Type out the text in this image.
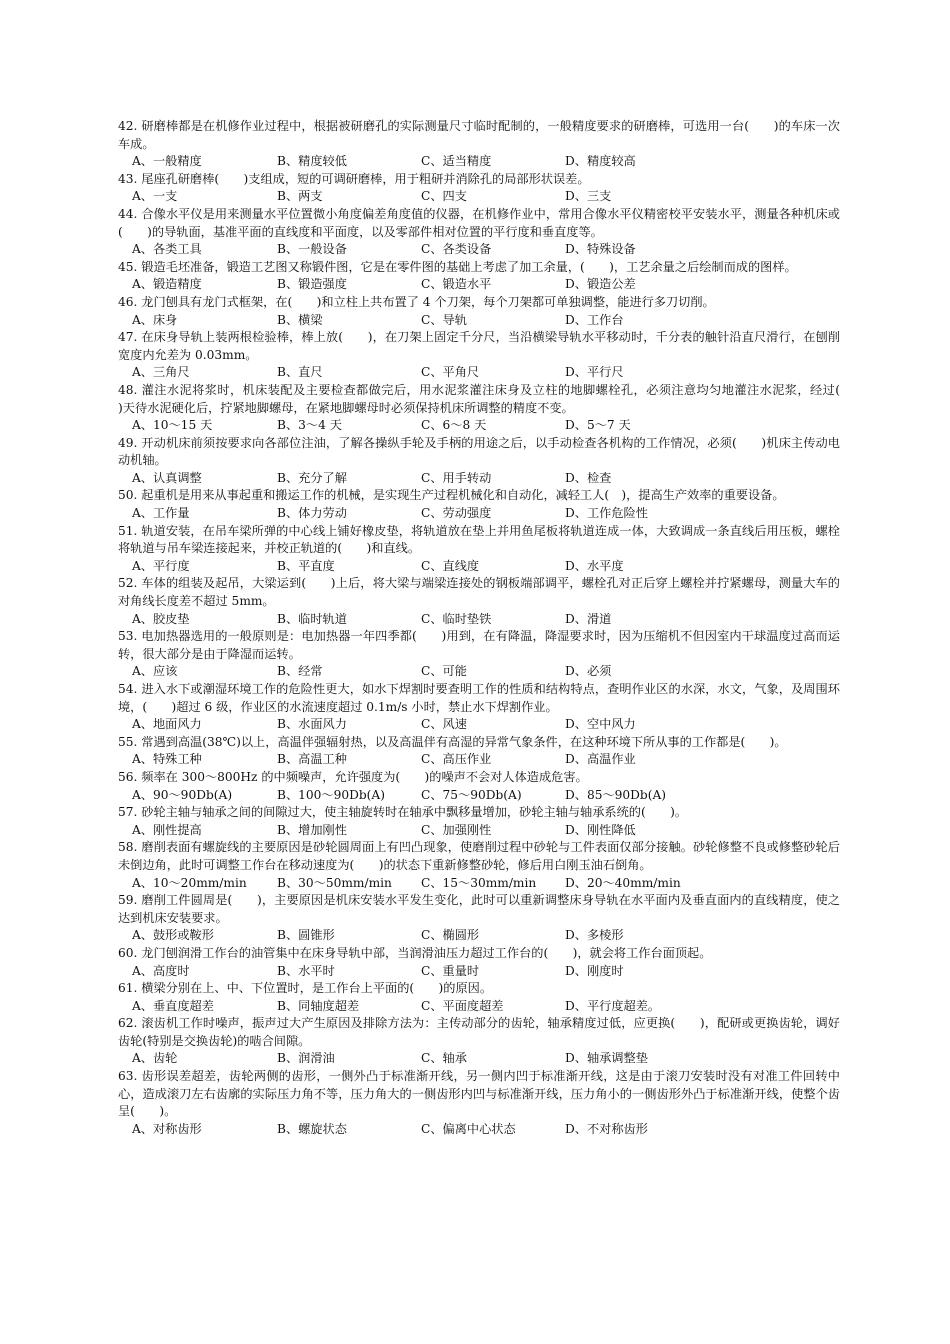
42. 研磨棒都是在机修作业过程中，根据被研磨孔的实际测量尺寸临时配制的，一般精度要求的研磨棒，可选用一台(　　)的车床一次车成。

A、一般精度	B、精度较低	C、适当精度	D、精度较高

43. 尾座孔研磨棒(　　)支组成，短的可调研磨棒，用于粗研并消除孔的局部形状误差。

A、一支	B、两支	C、四支	D、三支

44. 合像水平仪是用来测量水平位置微小角度偏差角度值的仪器，在机修作业中，常用合像水平仪精密校平安装水平，测量各种机床或(　　)的导轨面，基准平面的直线度和平面度，以及零部件相对位置的平行度和垂直度等。

A、各类工具	B、一般设备	C、各类设备	D、特殊设备

45. 锻造毛坯准备，锻造工艺图又称锻件图，它是在零件图的基础上考虑了加工余量，(　　)，工艺余量之后绘制而成的图样。

A、锻造精度	B、锻造强度	C、锻造水平	D、锻造公差

46. 龙门刨具有龙门式框架，在(　　)和立柱上共布置了 4 个刀架，每个刀架都可单独调整，能进行多刀切削。

A、床身	B、横梁	C、导轨	D、工作台

47. 在床身导轨上装两根检验棒，棒上放(　　)，在刀架上固定千分尺，当沿横梁导轨水平移动时，千分表的触针沿直尺滑行，在刨削宽度内允差为 0.03mm。

A、三角尺	B、直尺	C、平角尺	D、平行尺

48. 灌注水泥将浆时，机床装配及主要检查都做完后，用水泥浆灌注床身及立柱的地脚螺栓孔，必须注意均匀地灌注水泥浆，经过(　　)天待水泥硬化后，拧紧地脚螺母，在紧地脚螺母时必须保持机床所调整的精度不变。

A、10～15 天	B、3～4 天	C、6～8 天	D、5～7 天

49. 开动机床前须按要求向各部位注油，了解各操纵手轮及手柄的用途之后，以手动检查各机构的工作情况，必须(　　)机床主传动电动机轴。

A、认真调整	B、充分了解	C、用手转动	D、检查

50. 起重机是用来从事起重和搬运工作的机械，是实现生产过程机械化和自动化，减轻工人(　)，提高生产效率的重要设备。

A、工作量	B、体力劳动	C、劳动强度	D、工作危险性

51. 轨道安装，在吊车梁所弹的中心线上铺好橡皮垫，将轨道放在垫上并用鱼尾板将轨道连成一体，大致调成一条直线后用压板，螺栓将轨道与吊车梁连接起来，并校正轨道的(　　)和直线。

A、平行度	B、平直度	C、直线度	D、水平度

52. 车体的组装及起吊，大梁运到(　　)上后，将大梁与端梁连接处的钢板端部调平，螺栓孔对正后穿上螺栓并拧紧螺母，测量大车的对角线长度差不超过 5mm。

A、胶皮垫	B、临时轨道	C、临时垫铁	D、滑道

53. 电加热器选用的一般原则是：电加热器一年四季都(　　)用到，在有降温，降湿要求时，因为压缩机不但因室内干球温度过高而运转，很大部分是由于降湿而运转。

A、应该	B、经常	C、可能	D、必须

54. 进入水下或潮湿环境工作的危险性更大，如水下焊割时要查明工作的性质和结构特点，查明作业区的水深，水文，气象，及周围环境，(　　)超过 6 级，作业区的水流速度超过 0.1m/s 小时，禁止水下焊割作业。

A、地面风力	B、水面风力	C、风速	D、空中风力

55. 常遇到高温(38℃)以上，高温伴强辐射热，以及高温伴有高湿的异常气象条件，在这种环境下所从事的工作都是(　　)。

A、特殊工种	B、高温工种	C、高压作业	D、高温作业

56. 频率在 300～800Hz 的中频噪声，允许强度为(　　)的噪声不会对人体造成危害。

A、90～90Db(A)	B、100～90Db(A)	C、75～90Db(A)	D、85～90Db(A)

57. 砂轮主轴与轴承之间的间隙过大，使主轴旋转时在轴承中飘移量增加，砂轮主轴与轴承系统的(　　)。

A、刚性提高	B、增加刚性	C、加强刚性	D、刚性降低

58. 磨削表面有螺旋线的主要原因是砂轮圆周面上有凹凸现象，使磨削过程中砂轮与工件表面仅部分接触。砂轮修整不良或修整砂轮后未倒边角，此时可调整工作台在移动速度为(　　)的状态下重新修整砂轮，修后用白刚玉油石倒角。

A、10～20mm/min	B、30～50mm/min	C、15～30mm/min	D、20～40mm/min

59. 磨削工件圆周是(　　)，主要原因是机床安装水平发生变化，此时可以重新调整床身导轨在水平面内及垂直面内的直线精度，使之达到机床安装要求。

A、鼓形或鞍形	B、圆锥形	C、椭圆形	D、多棱形

60. 龙门刨润滑工作台的油管集中在床身导轨中部，当润滑油压力超过工作台的(　　)，就会将工作台面顶起。

A、高度时	B、水平时	C、重量时	D、刚度时

61. 横梁分别在上、中、下位置时，是工作台上平面的(　　)的原因。

A、垂直度超差	B、同轴度超差	C、平面度超差	D、平行度超差。

62. 滚齿机工作时噪声，振声过大产生原因及排除方法为：主传动部分的齿轮，轴承精度过低，应更换(　　)，配研或更换齿轮，调好齿轮(特别是交换齿轮)的啮合间隙。

A、齿轮	B、润滑油	C、轴承	D、轴承调整垫

63. 齿形误差超差，齿轮两侧的齿形，一侧外凸于标准渐开线，另一侧内凹于标准渐开线，这是由于滚刀安装时没有对准工件回转中心，造成滚刀左右齿廓的实际压力角不等，压力角大的一侧齿形内凹与标准渐开线，压力角小的一侧齿形外凸于标准渐开线，使整个齿呈(　　)。

A、对称齿形	B、螺旋状态	C、偏离中心状态	D、不对称齿形
